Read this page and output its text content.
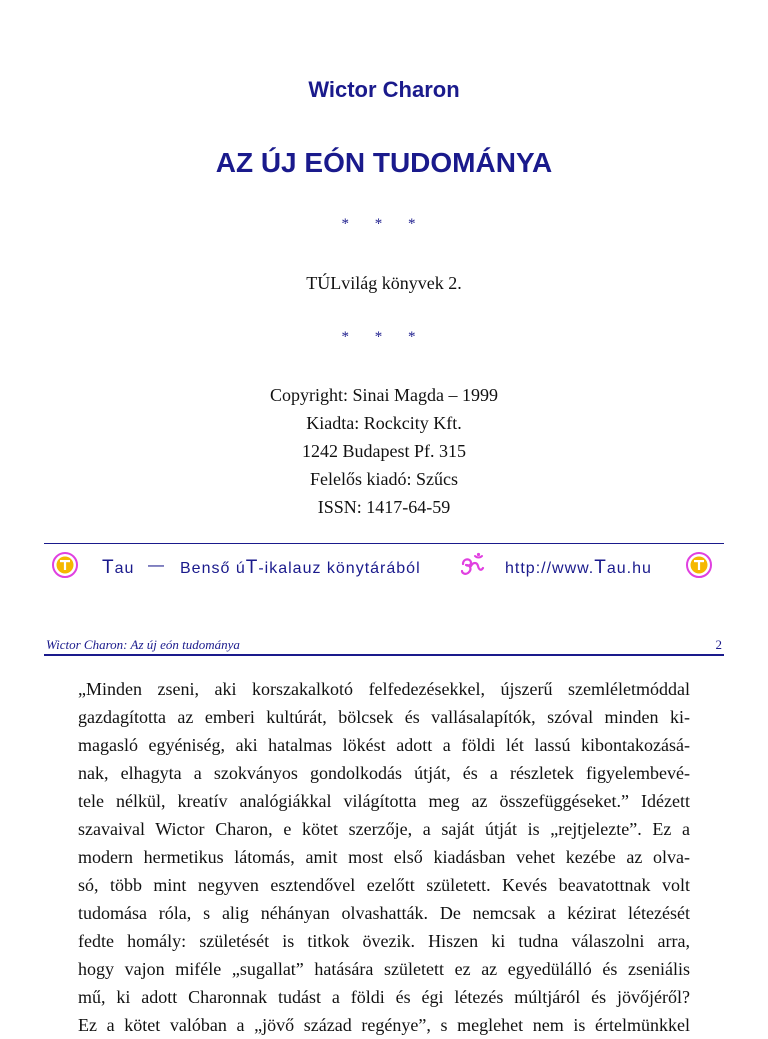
Wictor Charon
AZ ÚJ EÓN TUDOMÁNYA
* * *
TÚLvilág könyvek 2.
* * *
Copyright: Sinai Magda – 1999
Kiadta: Rockcity Kft.
1242 Budapest Pf. 315
Felelős kiadó: Szűcs
ISSN: 1417-64-59
Tau — Benső úT-ikalauz könytárából	http://www.Tau.hu
Wictor Charon: Az új eón tudománya	2
„Minden zseni, aki korszakalkotó felfedezésekkel, újszerű szemléletmóddal
gazdagította az emberi kultúrát, bölcsek és vallásalapítók, szóval minden ki-
magasló egyéniség, aki hatalmas lökést adott a földi lét lassú kibontakozásá-
nak, elhagyta a szokványos gondolkodás útját, és a részletek figyelembevé-
tele nélkül, kreatív analógiákkal világította meg az összefüggéseket.” Idézett
szavaival Wictor Charon, e kötet szerzője, a saját útját is „rejtjelezte”. Ez a
modern hermetikus látomás, amit most első kiadásban vehet kezébe az olva-
só, több mint negyven esztendővel ezelőtt született. Kevés beavatottnak volt
tudomása róla, s alig néhányan olvashatták. De nemcsak a kézirat létezését
fedte homály: születését is titkok övezik. Hiszen ki tudna válaszolni arra,
hogy vajon miféle „sugallat” hatására született ez az egyedülálló és zseniális
mű, ki adott Charonnak tudást a földi és égi létezés múltjáról és jövőjéről?
Ez a kötet valóban a „jövő század regénye”, s meglehet nem is értelmünkkel
